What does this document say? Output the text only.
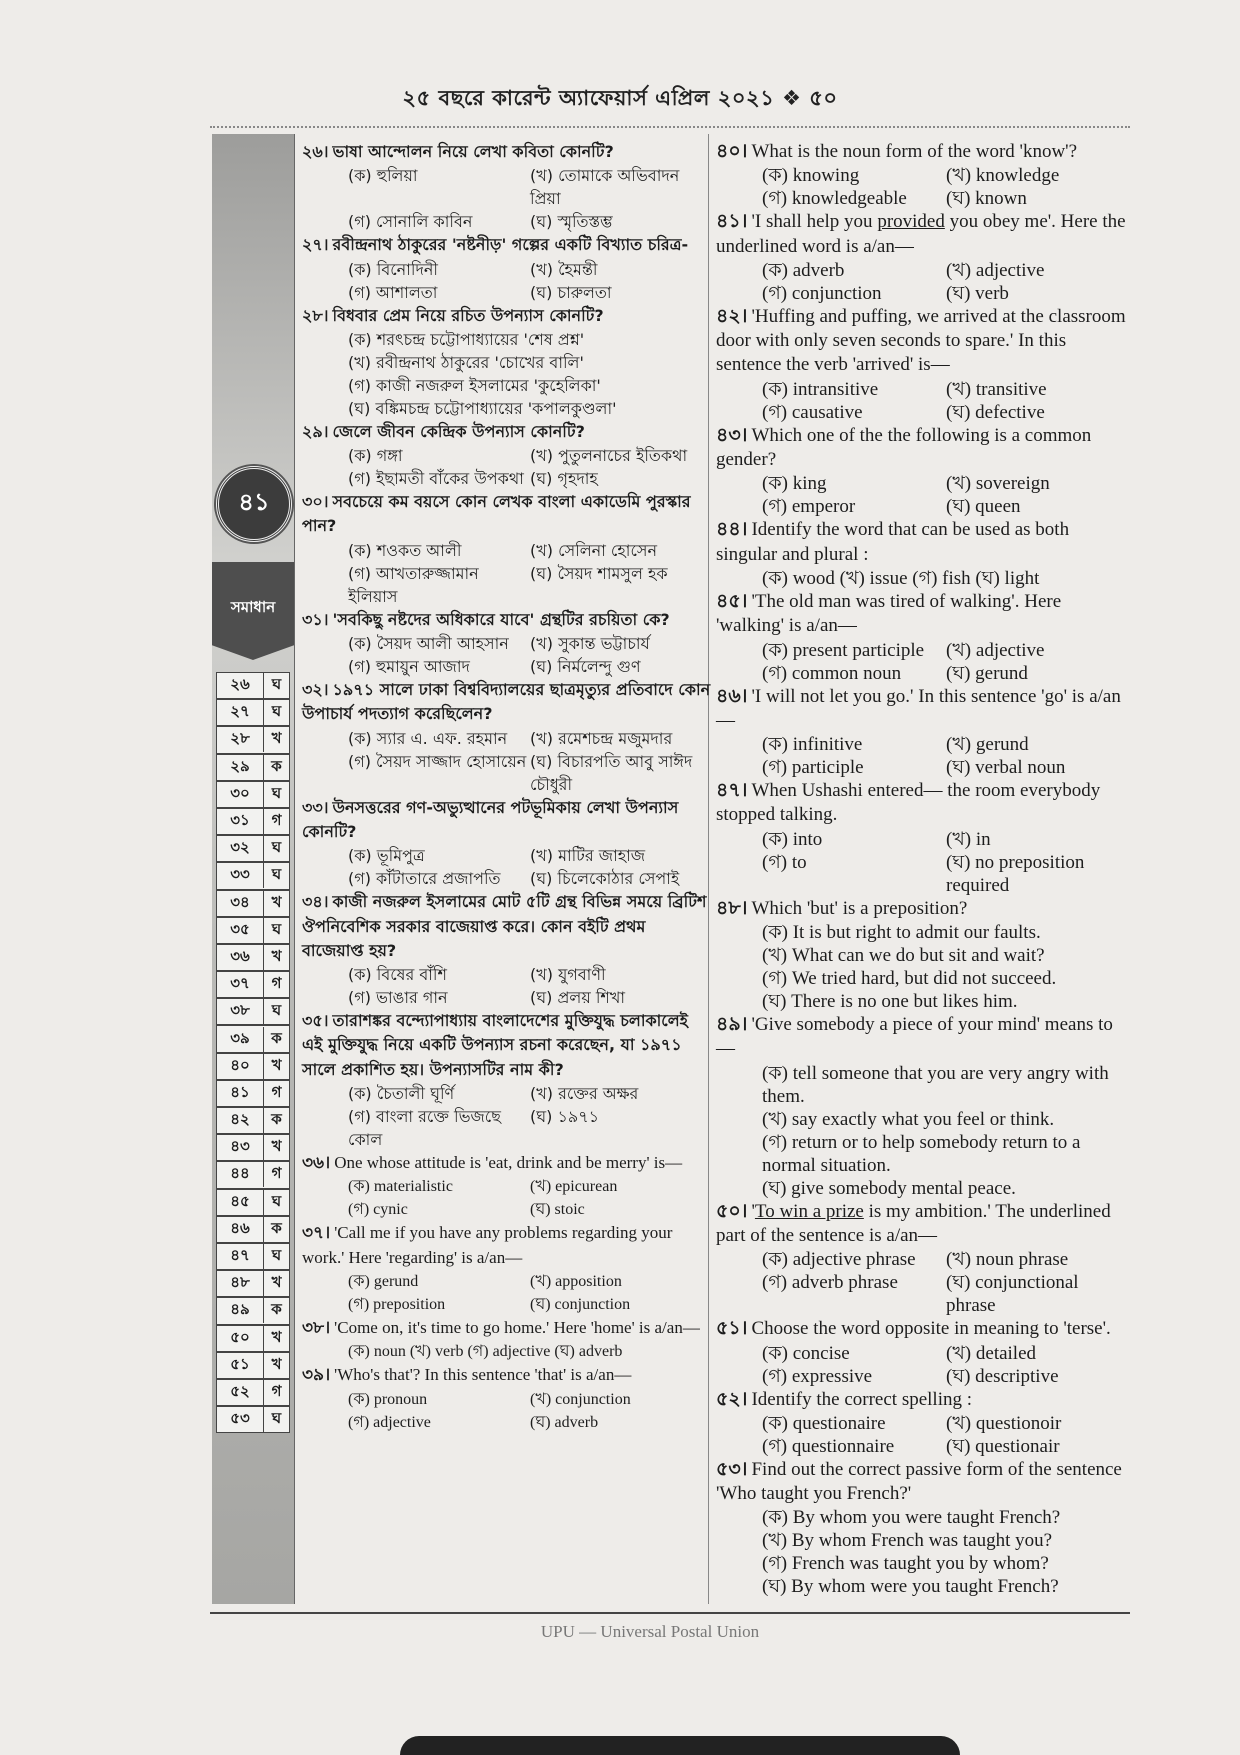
২৫ বছরে কারেন্ট অ্যাফেয়ার্স এপ্রিল ২০২১ ❖ ৫০
৪১
সমাধান
২৬	ঘ
২৭	ঘ
২৮	খ
২৯	ক
৩০	ঘ
৩১	গ
৩২	ঘ
৩৩	ঘ
৩৪	খ
৩৫	ঘ
৩৬	খ
৩৭	গ
৩৮	ঘ
৩৯	ক
৪০	খ
৪১	গ
৪২	ক
৪৩	খ
৪৪	গ
৪৫	ঘ
৪৬	ক
৪৭	ঘ
৪৮	খ
৪৯	ক
৫০	খ
৫১	খ
৫২	গ
৫৩	ঘ
২৬। ভাষা আন্দোলন নিয়ে লেখা কবিতা কোনটি?
(ক) হুলিয়া	(খ) তোমাকে অভিবাদন প্রিয়া
(গ) সোনালি কাবিন	(ঘ) স্মৃতিস্তম্ভ
২৭। রবীন্দ্রনাথ ঠাকুরের 'নষ্টনীড়' গল্পের একটি বিখ্যাত চরিত্র-
(ক) বিনোদিনী	(খ) হৈমন্তী
(গ) আশালতা	(ঘ) চারুলতা
২৮। বিধবার প্রেম নিয়ে রচিত উপন্যাস কোনটি?
(ক) শরৎচন্দ্র চট্টোপাধ্যায়ের 'শেষ প্রশ্ন'
(খ) রবীন্দ্রনাথ ঠাকুরের 'চোখের বালি'
(গ) কাজী নজরুল ইসলামের 'কুহেলিকা'
(ঘ) বঙ্কিমচন্দ্র চট্টোপাধ্যায়ের 'কপালকুণ্ডলা'
২৯। জেলে জীবন কেন্দ্রিক উপন্যাস কোনটি?
(ক) গঙ্গা	(খ) পুতুলনাচের ইতিকথা
(গ) ইছামতী বাঁকের উপকথা (ঘ) গৃহদাহ
৩০। সবচেয়ে কম বয়সে কোন লেখক বাংলা একাডেমি পুরস্কার পান?
(ক) শওকত আলী	(খ) সেলিনা হোসেন
(গ) আখতারুজ্জামান ইলিয়াস
(ঘ) সৈয়দ শামসুল হক
৩১। 'সবকিছু নষ্টদের অধিকারে যাবে' গ্রন্থটির রচয়িতা কে?
(ক) সৈয়দ আলী আহসান	(খ) সুকান্ত ভট্টাচার্য
(গ) হুমায়ুন আজাদ	(ঘ) নির্মলেন্দু গুণ
৩২। ১৯৭১ সালে ঢাকা বিশ্ববিদ্যালয়ের ছাত্রমৃত্যুর প্রতিবাদে কোন উপাচার্য পদত্যাগ করেছিলেন?
(ক) স্যার এ. এফ. রহমান	(খ) রমেশচন্দ্র মজুমদার
(গ) সৈয়দ সাজ্জাদ হোসায়েন (ঘ) বিচারপতি আবু সাঈদ চৌধুরী
৩৩। উনসত্তরের গণ-অভ্যুত্থানের পটভূমিকায় লেখা উপন্যাস কোনটি?
(ক) ভূমিপুত্র	(খ) মাটির জাহাজ
(গ) কাঁটাতারে প্রজাপতি	(ঘ) চিলেকোঠার সেপাই
৩৪। কাজী নজরুল ইসলামের মোট ৫টি গ্রন্থ বিভিন্ন সময়ে ব্রিটিশ ঔপনিবেশিক সরকার বাজেয়াপ্ত করে। কোন বইটি প্রথম বাজেয়াপ্ত হয়?
(ক) বিষের বাঁশি	(খ) যুগবাণী
(গ) ভাঙার গান	(ঘ) প্রলয় শিখা
৩৫। তারাশঙ্কর বন্দ্যোপাধ্যায় বাংলাদেশের মুক্তিযুদ্ধ চলাকালেই এই মুক্তিযুদ্ধ নিয়ে একটি উপন্যাস রচনা করেছেন, যা ১৯৭১ সালে প্রকাশিত হয়। উপন্যাসটির নাম কী?
(ক) চৈতালী ঘূর্ণি	(খ) রক্তের অক্ষর
(গ) বাংলা রক্তে ভিজছে কোল
(ঘ) ১৯৭১
৩৬। One whose attitude is 'eat, drink and be merry' is—
(ক) materialistic	(খ) epicurean
(গ) cynic	(ঘ) stoic
৩৭। 'Call me if you have any problems regarding your work.' Here 'regarding' is a/an—
(ক) gerund	(খ) apposition
(গ) preposition	(ঘ) conjunction
৩৮। 'Come on, it's time to go home.' Here 'home' is a/an—
(ক) noun (খ) verb (গ) adjective (ঘ) adverb
৩৯। 'Who's that'? In this sentence 'that' is a/an—
(ক) pronoun	(খ) conjunction
(গ) adjective	(ঘ) adverb
৪০। What is the noun form of the word 'know'?
(ক) knowing	(খ) knowledge
(গ) knowledgeable	(ঘ) known
৪১। 'I shall help you provided you obey me'. Here the underlined word is a/an—
(ক) adverb	(খ) adjective
(গ) conjunction	(ঘ) verb
৪২। 'Huffing and puffing, we arrived at the classroom door with only seven seconds to spare.' In this sentence the verb 'arrived' is—
(ক) intransitive	(খ) transitive
(গ) causative	(ঘ) defective
৪৩। Which one of the the following is a common gender?
(ক) king	(খ) sovereign
(গ) emperor	(ঘ) queen
৪৪। Identify the word that can be used as both singular and plural :
(ক) wood (খ) issue (গ) fish (ঘ) light
৪৫। 'The old man was tired of walking'. Here 'walking' is a/an—
(ক) present participle	(খ) adjective
(গ) common noun	(ঘ) gerund
৪৬। 'I will not let you go.' In this sentence 'go' is a/an—
(ক) infinitive	(খ) gerund
(গ) participle	(ঘ) verbal noun
৪৭। When Ushashi entered— the room everybody stopped talking.
(ক) into	(খ) in
(গ) to	(ঘ) no preposition required
৪৮। Which 'but' is a preposition?
(ক) It is but right to admit our faults.
(খ) What can we do but sit and wait?
(গ) We tried hard, but did not succeed.
(ঘ) There is no one but likes him.
৪৯। 'Give somebody a piece of your mind' means to—
(ক) tell someone that you are very angry with them.
(খ) say exactly what you feel or think.
(গ) return or to help somebody return to a normal situation.
(ঘ) give somebody mental peace.
৫০। 'To win a prize is my ambition.' The underlined part of the sentence is a/an—
(ক) adjective phrase	(খ) noun phrase
(গ) adverb phrase	(ঘ) conjunctional phrase
৫১। Choose the word opposite in meaning to 'terse'.
(ক) concise	(খ) detailed
(গ) expressive	(ঘ) descriptive
৫২। Identify the correct spelling :
(ক) questionaire	(খ) questionoir
(গ) questionnaire	(ঘ) questionair
৫৩। Find out the correct passive form of the sentence 'Who taught you French?'
(ক) By whom you were taught French?
(খ) By whom French was taught you?
(গ) French was taught you by whom?
(ঘ) By whom were you taught French?
UPU — Universal Postal Union
